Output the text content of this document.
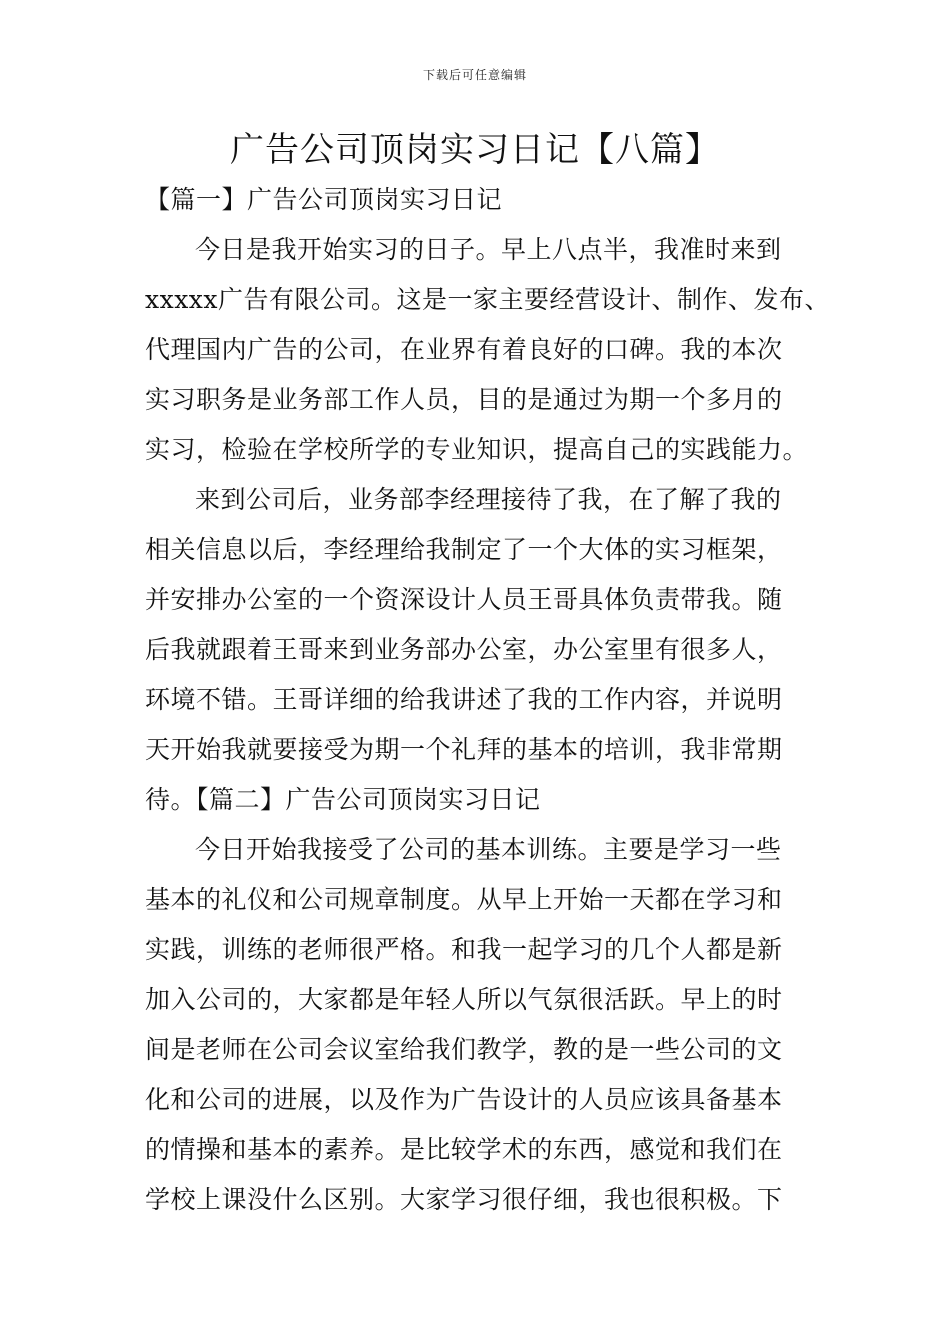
下载后可任意编辑
广告公司顶岗实习日记【八篇】
【篇一】广告公司顶岗实习日记
今日是我开始实习的日子。早上八点半，我准时来到
xxxxx广告有限公司。这是一家主要经营设计、制作、发布、
代理国内广告的公司，在业界有着良好的口碑。我的本次
实习职务是业务部工作人员，目的是通过为期一个多月的
实习，检验在学校所学的专业知识，提高自己的实践能力。
来到公司后，业务部李经理接待了我，在了解了我的
相关信息以后，李经理给我制定了一个大体的实习框架，
并安排办公室的一个资深设计人员王哥具体负责带我。随
后我就跟着王哥来到业务部办公室，办公室里有很多人，
环境不错。王哥详细的给我讲述了我的工作内容，并说明
天开始我就要接受为期一个礼拜的基本的培训，我非常期
待。【篇二】广告公司顶岗实习日记
今日开始我接受了公司的基本训练。主要是学习一些
基本的礼仪和公司规章制度。从早上开始一天都在学习和
实践，训练的老师很严格。和我一起学习的几个人都是新
加入公司的，大家都是年轻人所以气氛很活跃。早上的时
间是老师在公司会议室给我们教学，教的是一些公司的文
化和公司的进展，以及作为广告设计的人员应该具备基本
的情操和基本的素养。是比较学术的东西，感觉和我们在
学校上课没什么区别。大家学习很仔细，我也很积极。下
